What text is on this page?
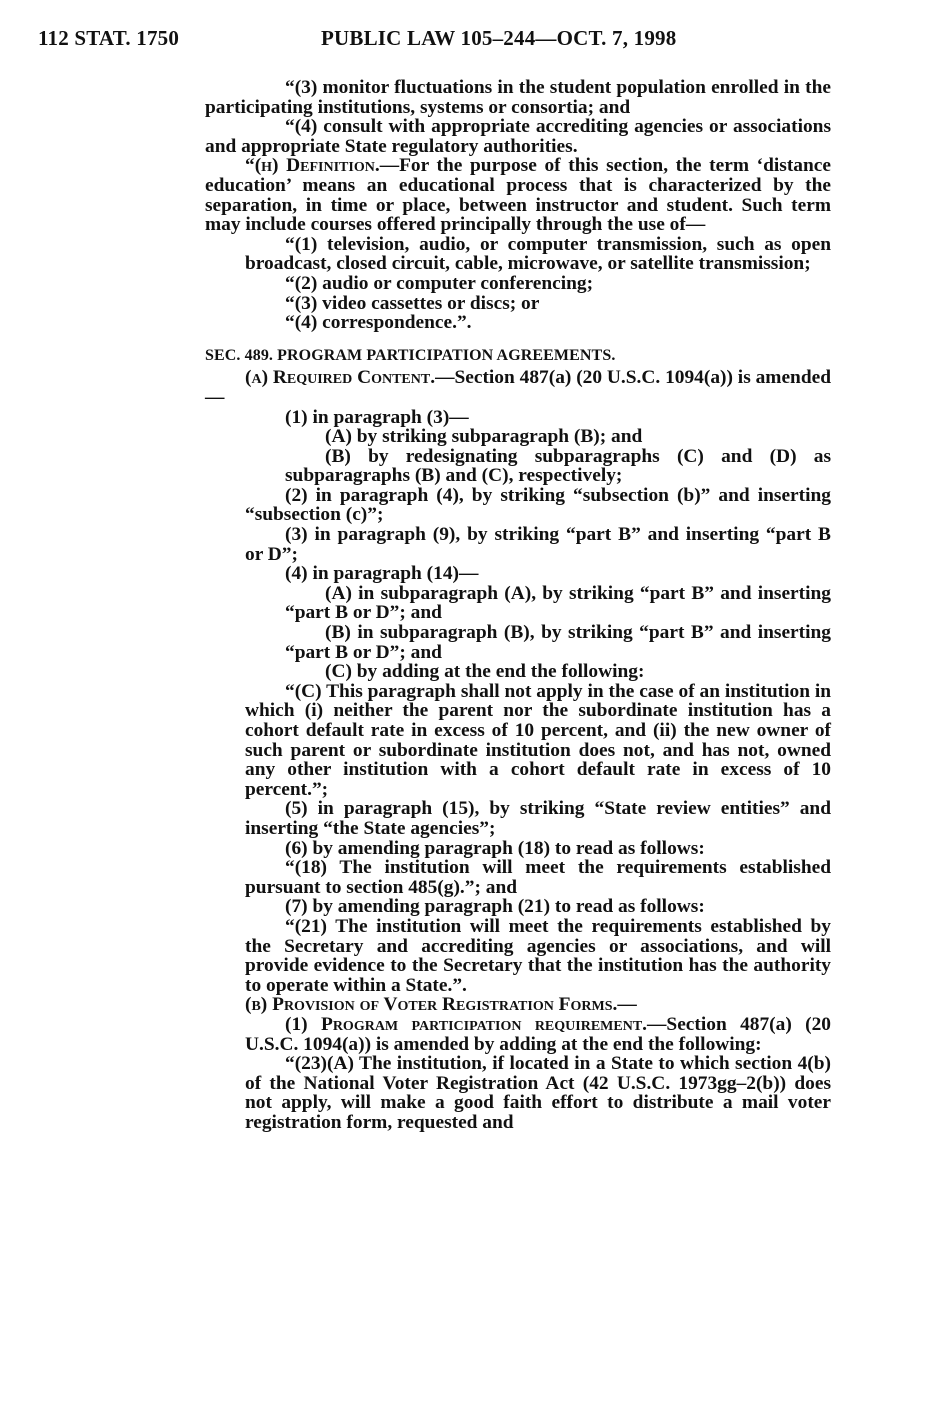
112 STAT. 1750	PUBLIC LAW 105–244—OCT. 7, 1998

“(3) monitor fluctuations in the student population enrolled in the participating institutions, systems or consortia; and

“(4) consult with appropriate accrediting agencies or associations and appropriate State regulatory authorities.

“(h) Definition.—For the purpose of this section, the term ‘distance education’ means an educational process that is characterized by the separation, in time or place, between instructor and student. Such term may include courses offered principally through the use of—

“(1) television, audio, or computer transmission, such as open broadcast, closed circuit, cable, microwave, or satellite transmission;

“(2) audio or computer conferencing;

“(3) video cassettes or discs; or

“(4) correspondence.”.

SEC. 489. PROGRAM PARTICIPATION AGREEMENTS.

(a) Required Content.—Section 487(a) (20 U.S.C. 1094(a)) is amended—

(1) in paragraph (3)—

(A) by striking subparagraph (B); and

(B) by redesignating subparagraphs (C) and (D) as subparagraphs (B) and (C), respectively;

(2) in paragraph (4), by striking “subsection (b)” and inserting “subsection (c)”;

(3) in paragraph (9), by striking “part B” and inserting “part B or D”;

(4) in paragraph (14)—

(A) in subparagraph (A), by striking “part B” and inserting “part B or D”; and

(B) in subparagraph (B), by striking “part B” and inserting “part B or D”; and

(C) by adding at the end the following:

“(C) This paragraph shall not apply in the case of an institution in which (i) neither the parent nor the subordinate institution has a cohort default rate in excess of 10 percent, and (ii) the new owner of such parent or subordinate institution does not, and has not, owned any other institution with a cohort default rate in excess of 10 percent.”;

(5) in paragraph (15), by striking “State review entities” and inserting “the State agencies”;

(6) by amending paragraph (18) to read as follows:

“(18) The institution will meet the requirements established pursuant to section 485(g).”; and

(7) by amending paragraph (21) to read as follows:

“(21) The institution will meet the requirements established by the Secretary and accrediting agencies or associations, and will provide evidence to the Secretary that the institution has the authority to operate within a State.”.

(b) Provision of Voter Registration Forms.—

(1) Program participation requirement.—Section 487(a) (20 U.S.C. 1094(a)) is amended by adding at the end the following:

“(23)(A) The institution, if located in a State to which section 4(b) of the National Voter Registration Act (42 U.S.C. 1973gg–2(b)) does not apply, will make a good faith effort to distribute a mail voter registration form, requested and
